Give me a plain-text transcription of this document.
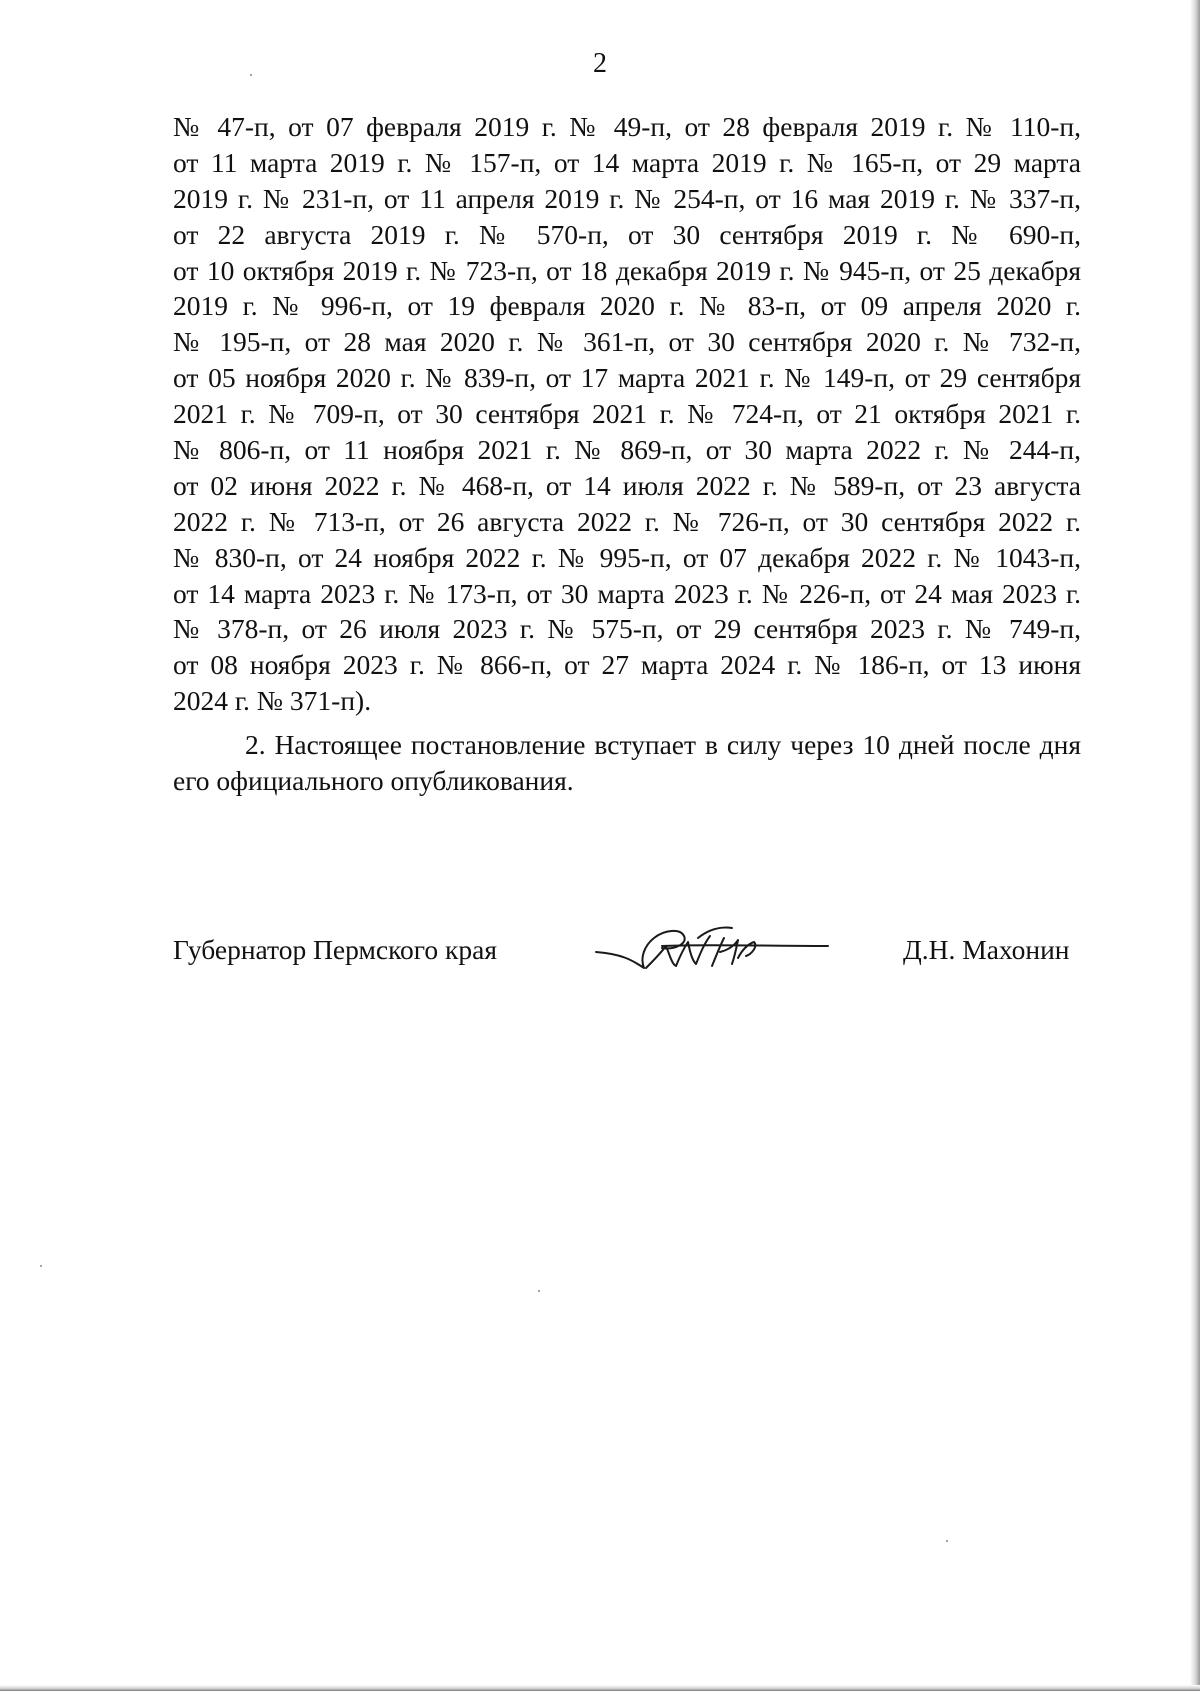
2
№ 47-п, от 07 февраля 2019 г. № 49-п, от 28 февраля 2019 г. № 110-п,
от 11 марта 2019 г. № 157-п, от 14 марта 2019 г. № 165-п, от 29 марта
2019 г. № 231-п, от 11 апреля 2019 г. № 254-п, от 16 мая 2019 г. № 337-п,
от 22 августа 2019 г. № 570-п, от 30 сентября 2019 г. № 690-п,
от 10 октября 2019 г. № 723-п, от 18 декабря 2019 г. № 945-п, от 25 декабря
2019 г. № 996-п, от 19 февраля 2020 г. № 83-п, от 09 апреля 2020 г.
№ 195-п, от 28 мая 2020 г. № 361-п, от 30 сентября 2020 г. № 732-п,
от 05 ноября 2020 г. № 839-п, от 17 марта 2021 г. № 149-п, от 29 сентября
2021 г. № 709-п, от 30 сентября 2021 г. № 724-п, от 21 октября 2021 г.
№ 806-п, от 11 ноября 2021 г. № 869-п, от 30 марта 2022 г. № 244-п,
от 02 июня 2022 г. № 468-п, от 14 июля 2022 г. № 589-п, от 23 августа
2022 г. № 713-п, от 26 августа 2022 г. № 726-п, от 30 сентября 2022 г.
№ 830-п, от 24 ноября 2022 г. № 995-п, от 07 декабря 2022 г. № 1043-п,
от 14 марта 2023 г. № 173-п, от 30 марта 2023 г. № 226-п, от 24 мая 2023 г.
№ 378-п, от 26 июля 2023 г. № 575-п, от 29 сентября 2023 г. № 749-п,
от 08 ноября 2023 г. № 866-п, от 27 марта 2024 г. № 186-п, от 13 июня
2024 г. № 371-п).
2. Настоящее постановление вступает в силу через 10 дней после дня
его официального опубликования.
Губернатор Пермского края	Д.Н. Махонин
